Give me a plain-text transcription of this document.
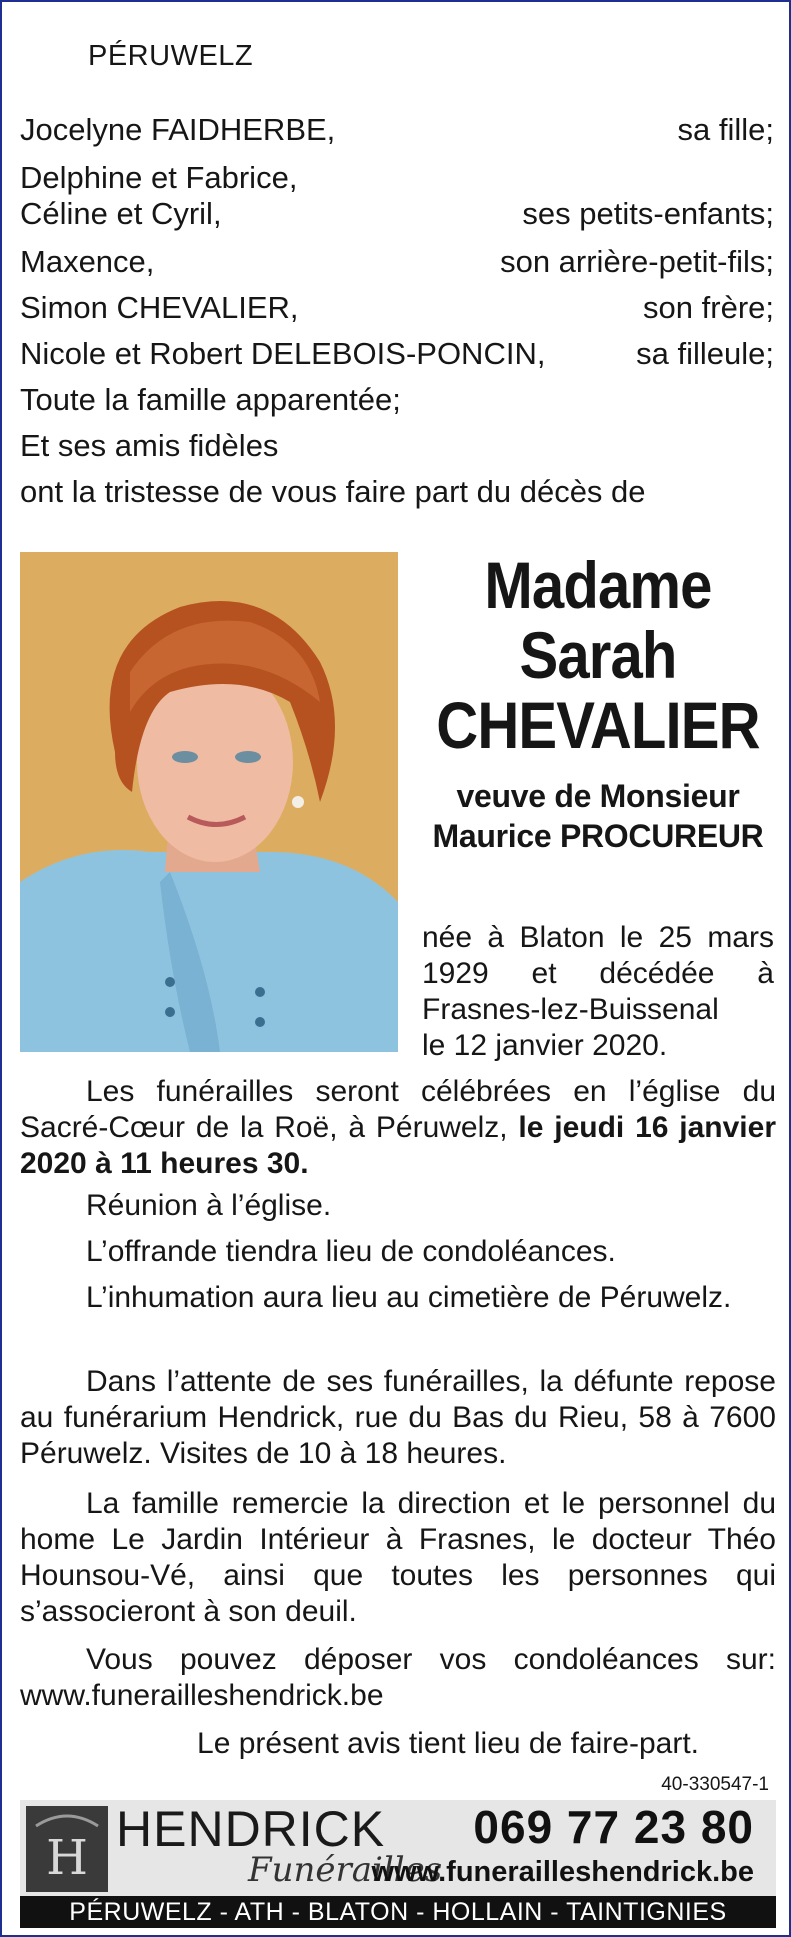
PÉRUWELZ
Jocelyne FAIDHERBE,	sa fille;
Delphine et Fabrice,
Céline et Cyril,	ses petits-enfants;
Maxence,	son arrière-petit-fils;
Simon CHEVALIER,	son frère;
Nicole et Robert DELEBOIS-PONCIN,	sa filleule;
Toute la famille apparentée;
Et ses amis fidèles
ont la tristesse de vous faire part du décès de
Madame
Sarah
CHEVALIER
veuve de Monsieur
Maurice PROCUREUR
née à Blaton le 25 mars 1929 et décédée à Frasnes-lez-Buissenal
le 12 janvier 2020.
Les funérailles seront célébrées en l’église du Sacré-Cœur de la Roë, à Péruwelz, le jeudi 16 janvier 2020 à 11 heures 30.
Réunion à l’église.
L’offrande tiendra lieu de condoléances.
L’inhumation aura lieu au cimetière de Péruwelz.
Dans l’attente de ses funérailles, la défunte repose au funérarium Hendrick, rue du Bas du Rieu, 58 à 7600 Péruwelz. Visites de 10 à 18 heures.
La famille remercie la direction et le personnel du home Le Jardin Intérieur à Frasnes, le docteur Théo Hounsou-Vé, ainsi que toutes les personnes qui s’associeront à son deuil.
Vous pouvez déposer vos condoléances sur: www.funerailleshendrick.be
Le présent avis tient lieu de faire-part.
40-330547-1
H
HENDRICK
Funérailles
069 77 23 80
www.funerailleshendrick.be
PÉRUWELZ - ATH - BLATON - HOLLAIN - TAINTIGNIES
